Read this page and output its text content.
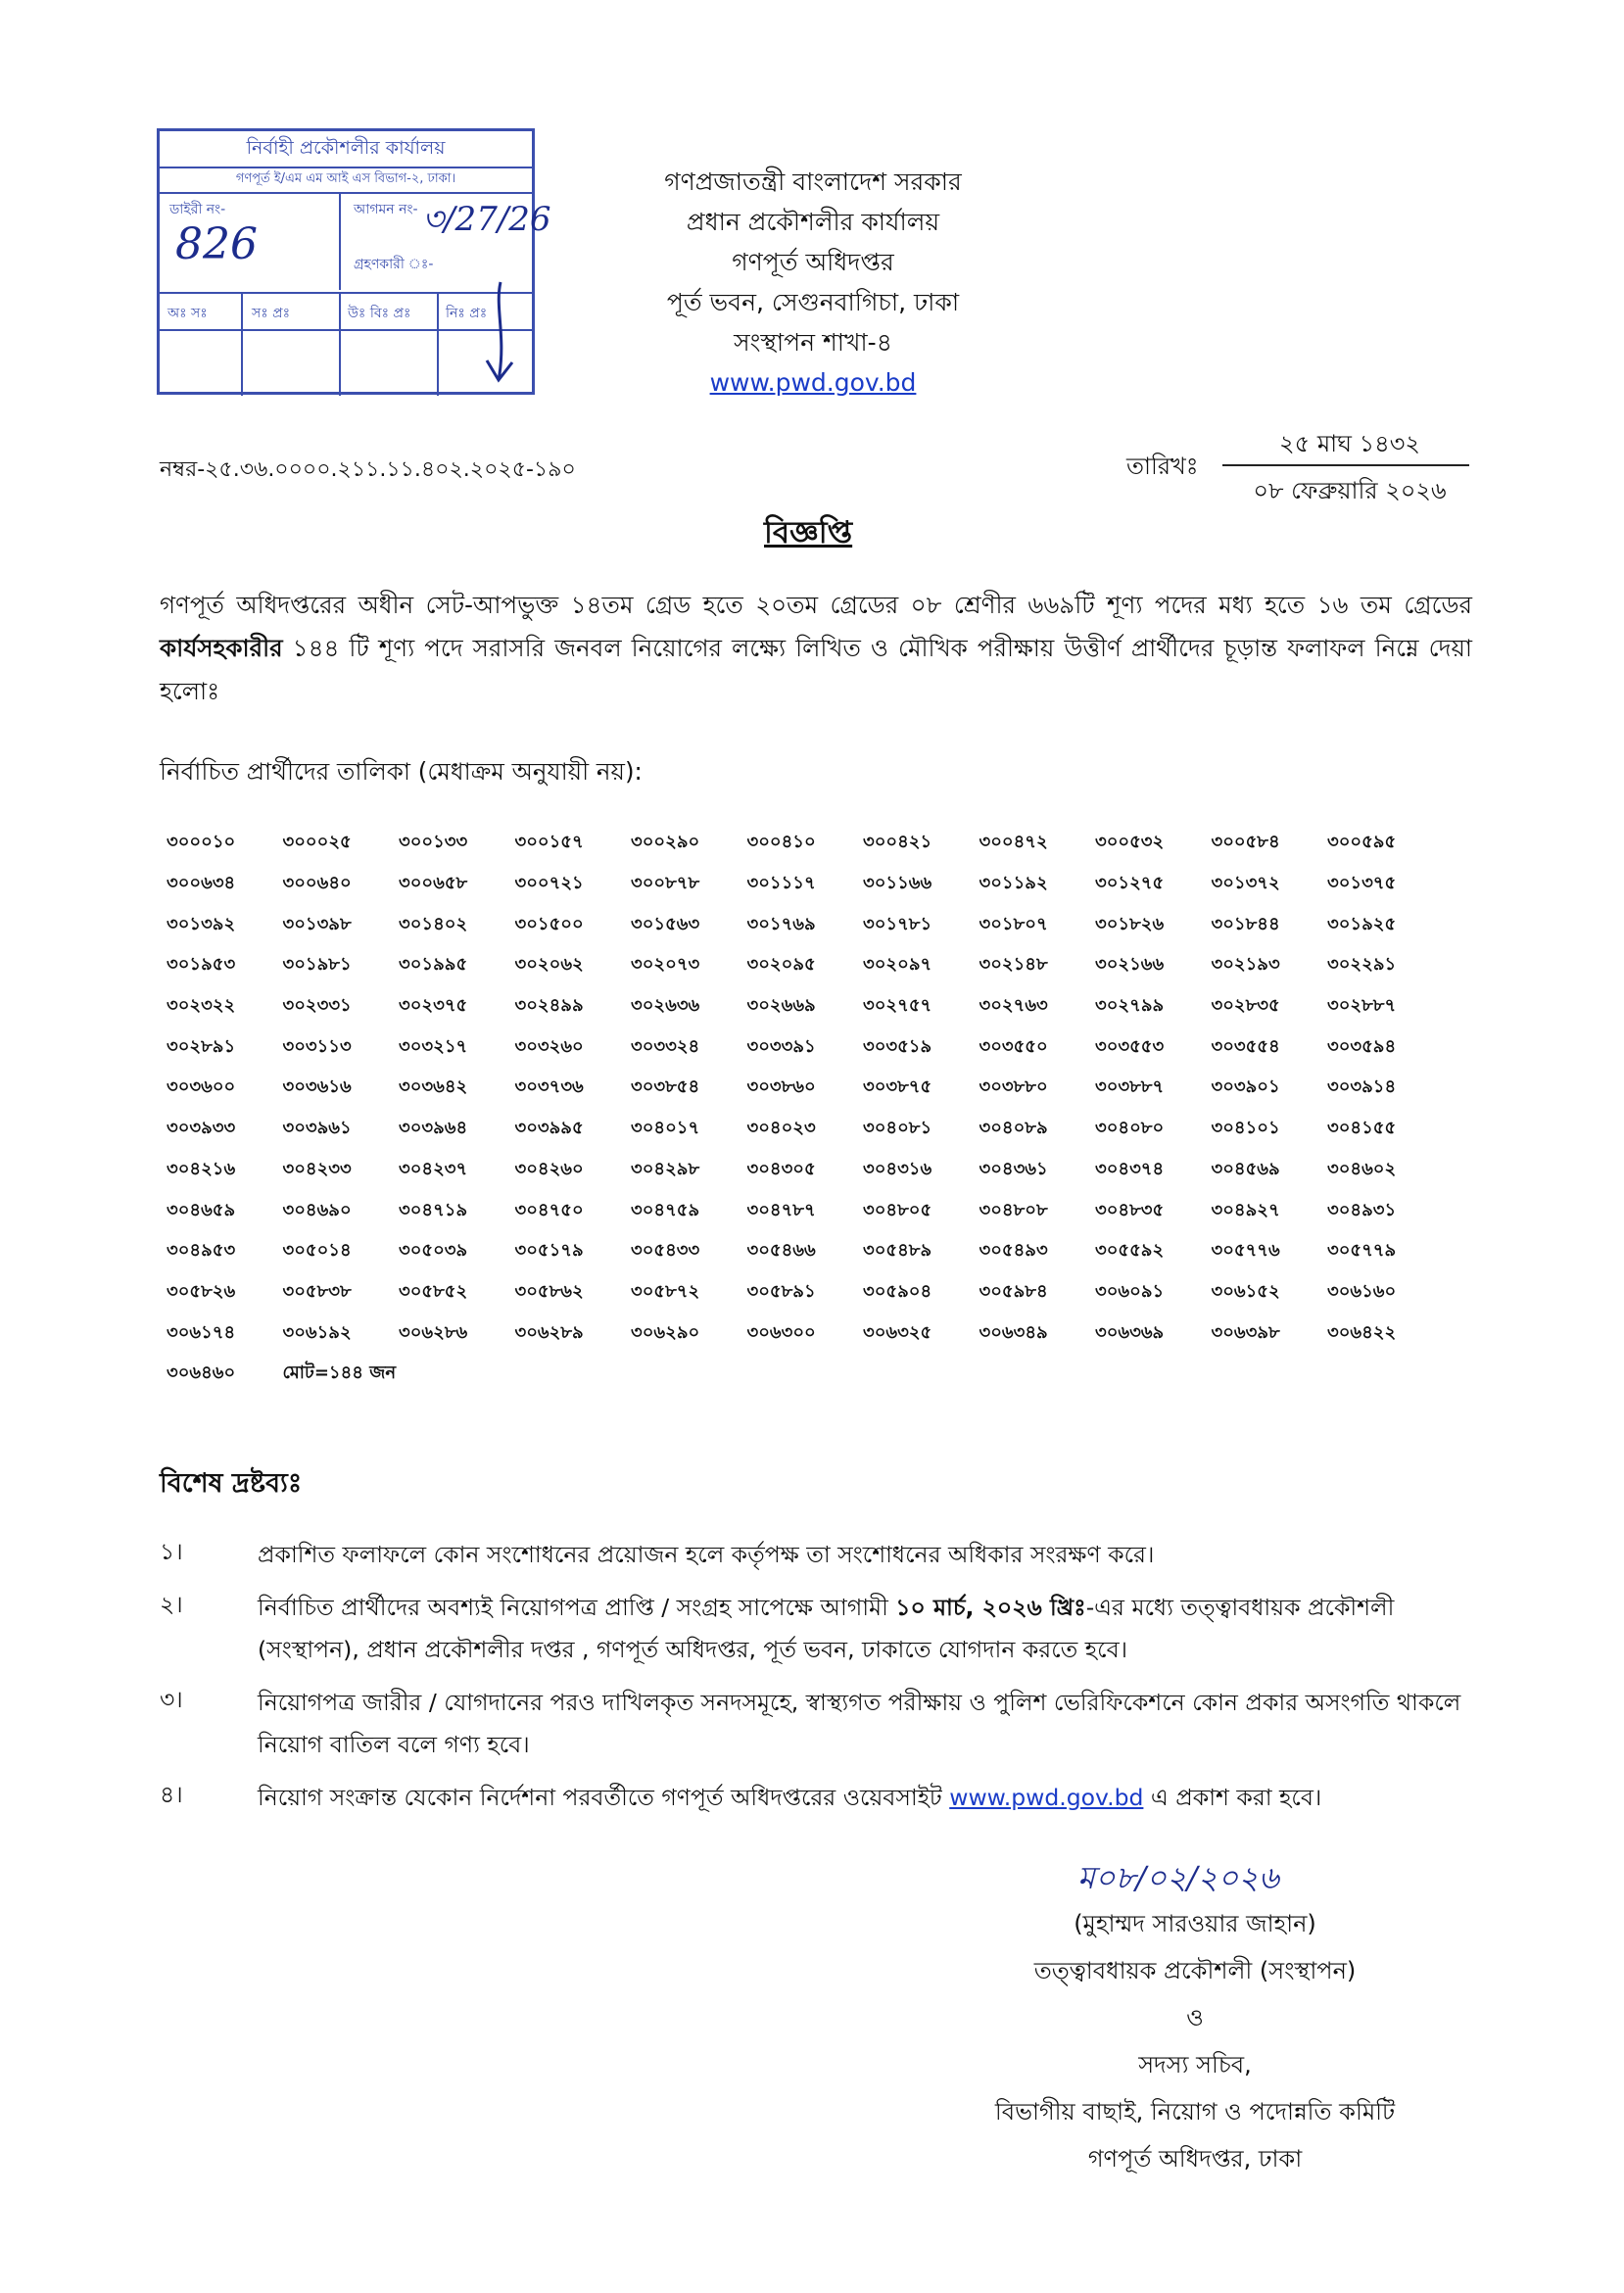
নির্বাহী প্রকৌশলীর কার্যালয়
গণপূর্ত ই/এম এম আই এস বিভাগ-২, ঢাকা।
ডাইরী নং-
826
আগমন নং- ৩/27/26
গ্রহণকারী ঃ-
অঃ সঃ	সঃ প্রঃ	উঃ বিঃ প্রঃ	নিঃ প্রঃ
গণপ্রজাতন্ত্রী বাংলাদেশ সরকার
প্রধান প্রকৌশলীর কার্যালয়
গণপূর্ত অধিদপ্তর
পূর্ত ভবন, সেগুনবাগিচা, ঢাকা
সংস্থাপন শাখা-৪
www.pwd.gov.bd
নম্বর-২৫.৩৬.০০০০.২১১.১১.৪০২.২০২৫-১৯০	তারিখঃ
২৫ মাঘ ১৪৩২
০৮ ফেব্রুয়ারি ২০২৬
বিজ্ঞপ্তি
গণপূর্ত অধিদপ্তরের অধীন সেট-আপভুক্ত ১৪তম গ্রেড হতে ২০তম গ্রেডের ০৮ শ্রেণীর ৬৬৯টি শূণ্য পদের মধ্য হতে ১৬ তম গ্রেডের কার্যসহকারীর ১৪৪ টি শূণ্য পদে সরাসরি জনবল নিয়োগের লক্ষ্যে লিখিত ও মৌখিক পরীক্ষায় উত্তীর্ণ প্রার্থীদের চূড়ান্ত ফলাফল নিম্নে দেয়া হলোঃ
নির্বাচিত প্রার্থীদের তালিকা (মেধাক্রম অনুযায়ী নয়):
৩০০০১০	৩০০০২৫	৩০০১৩৩	৩০০১৫৭	৩০০২৯০	৩০০৪১০	৩০০৪২১	৩০০৪৭২	৩০০৫৩২	৩০০৫৮৪	৩০০৫৯৫
৩০০৬৩৪	৩০০৬৪০	৩০০৬৫৮	৩০০৭২১	৩০০৮৭৮	৩০১১১৭	৩০১১৬৬	৩০১১৯২	৩০১২৭৫	৩০১৩৭২	৩০১৩৭৫
৩০১৩৯২	৩০১৩৯৮	৩০১৪০২	৩০১৫০০	৩০১৫৬৩	৩০১৭৬৯	৩০১৭৮১	৩০১৮০৭	৩০১৮২৬	৩০১৮৪৪	৩০১৯২৫
৩০১৯৫৩	৩০১৯৮১	৩০১৯৯৫	৩০২০৬২	৩০২০৭৩	৩০২০৯৫	৩০২০৯৭	৩০২১৪৮	৩০২১৬৬	৩০২১৯৩	৩০২২৯১
৩০২৩২২	৩০২৩৩১	৩০২৩৭৫	৩০২৪৯৯	৩০২৬৩৬	৩০২৬৬৯	৩০২৭৫৭	৩০২৭৬৩	৩০২৭৯৯	৩০২৮৩৫	৩০২৮৮৭
৩০২৮৯১	৩০৩১১৩	৩০৩২১৭	৩০৩২৬০	৩০৩৩২৪	৩০৩৩৯১	৩০৩৫১৯	৩০৩৫৫০	৩০৩৫৫৩	৩০৩৫৫৪	৩০৩৫৯৪
৩০৩৬০০	৩০৩৬১৬	৩০৩৬৪২	৩০৩৭৩৬	৩০৩৮৫৪	৩০৩৮৬০	৩০৩৮৭৫	৩০৩৮৮০	৩০৩৮৮৭	৩০৩৯০১	৩০৩৯১৪
৩০৩৯৩৩	৩০৩৯৬১	৩০৩৯৬৪	৩০৩৯৯৫	৩০৪০১৭	৩০৪০২৩	৩০৪০৮১	৩০৪০৮৯	৩০৪০৮০	৩০৪১০১	৩০৪১৫৫
৩০৪২১৬	৩০৪২৩৩	৩০৪২৩৭	৩০৪২৬০	৩০৪২৯৮	৩০৪৩০৫	৩০৪৩১৬	৩০৪৩৬১	৩০৪৩৭৪	৩০৪৫৬৯	৩০৪৬০২
৩০৪৬৫৯	৩০৪৬৯০	৩০৪৭১৯	৩০৪৭৫০	৩০৪৭৫৯	৩০৪৭৮৭	৩০৪৮০৫	৩০৪৮০৮	৩০৪৮৩৫	৩০৪৯২৭	৩০৪৯৩১
৩০৪৯৫৩	৩০৫০১৪	৩০৫০৩৯	৩০৫১৭৯	৩০৫৪৩৩	৩০৫৪৬৬	৩০৫৪৮৯	৩০৫৪৯৩	৩০৫৫৯২	৩০৫৭৭৬	৩০৫৭৭৯
৩০৫৮২৬	৩০৫৮৩৮	৩০৫৮৫২	৩০৫৮৬২	৩০৫৮৭২	৩০৫৮৯১	৩০৫৯০৪	৩০৫৯৮৪	৩০৬০৯১	৩০৬১৫২	৩০৬১৬০
৩০৬১৭৪	৩০৬১৯২	৩০৬২৮৬	৩০৬২৮৯	৩০৬২৯০	৩০৬৩০০	৩০৬৩২৫	৩০৬৩৪৯	৩০৬৩৬৯	৩০৬৩৯৮	৩০৬৪২২
৩০৬৪৬০	মোট=১৪৪ জন									
বিশেষ দ্রষ্টব্যঃ
১।	প্রকাশিত ফলাফলে কোন সংশোধনের প্রয়োজন হলে কর্তৃপক্ষ তা সংশোধনের অধিকার সংরক্ষণ করে।
২।	নির্বাচিত প্রার্থীদের অবশ্যই নিয়োগপত্র প্রাপ্তি / সংগ্রহ সাপেক্ষে আগামী ১০ মার্চ, ২০২৬ খ্রিঃ-এর মধ্যে তত্ত্বাবধায়ক প্রকৌশলী (সংস্থাপন), প্রধান প্রকৌশলীর দপ্তর , গণপূর্ত অধিদপ্তর, পূর্ত ভবন, ঢাকাতে যোগদান করতে হবে।
৩।	নিয়োগপত্র জারীর / যোগদানের পরও দাখিলকৃত সনদসমূহে, স্বাস্থ্যগত পরীক্ষায় ও পুলিশ ভেরিফিকেশনে কোন প্রকার অসংগতি থাকলে নিয়োগ বাতিল বলে গণ্য হবে।
৪।	নিয়োগ সংক্রান্ত যেকোন নির্দেশনা পরবর্তীতে গণপূর্ত অধিদপ্তরের ওয়েবসাইট www.pwd.gov.bd এ প্রকাশ করা হবে।
ম০৮/০২/২০২৬
(মুহাম্মদ সারওয়ার জাহান)
তত্ত্বাবধায়ক প্রকৌশলী (সংস্থাপন)
ও
সদস্য সচিব,
বিভাগীয় বাছাই, নিয়োগ ও পদোন্নতি কমিটি
গণপূর্ত অধিদপ্তর, ঢাকা
